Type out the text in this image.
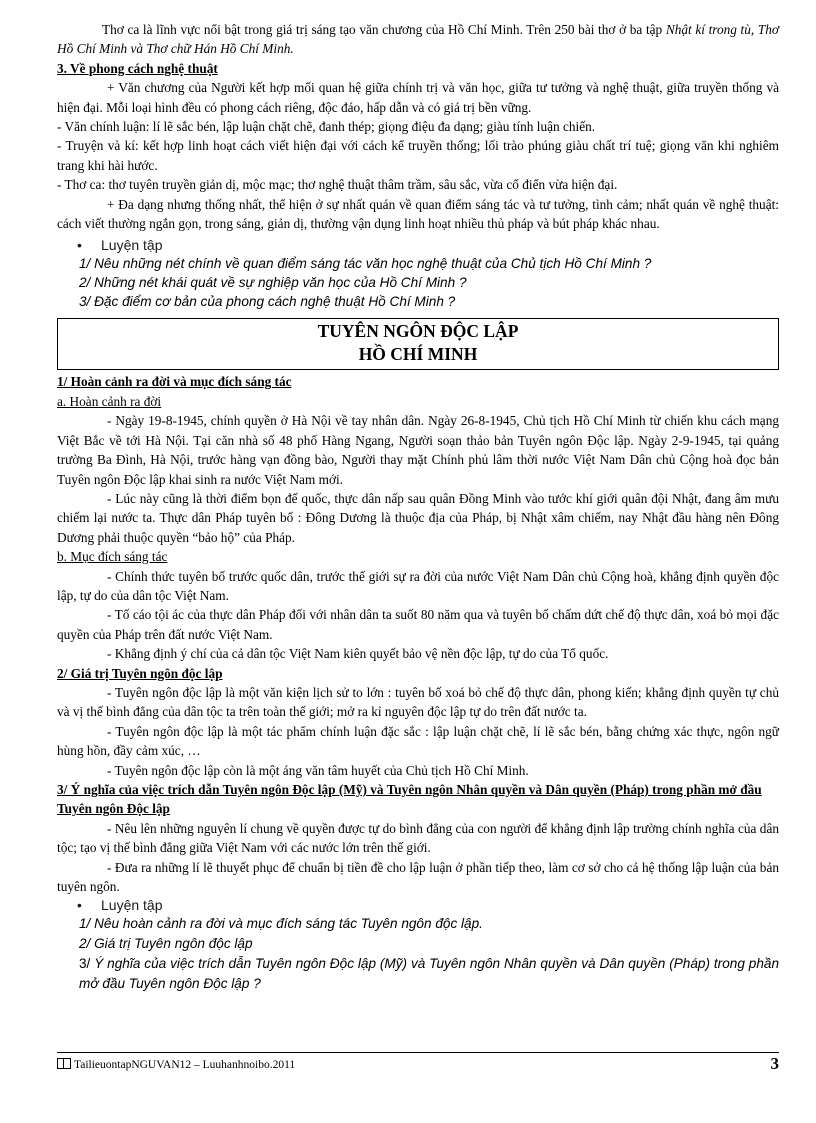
Thơ ca là lĩnh vực nổi bật trong giá trị sáng tạo văn chương của Hồ Chí Minh. Trên 250 bài thơ ở ba tập Nhật kí trong tù, Thơ Hồ Chí Minh và Thơ chữ Hán Hồ Chí Minh.

3. Về phong cách nghệ thuật

+ Văn chương của Người kết hợp mối quan hệ giữa chính trị và văn học, giữa tư tưởng và nghệ thuật, giữa truyền thống và hiện đại. Mỗi loại hình đều có phong cách riêng, độc đáo, hấp dẫn và có giá trị bền vững.

- Văn chính luận: lí lẽ sắc bén, lập luận chặt chẽ, đanh thép; giọng điệu đa dạng; giàu tính luận chiến.

- Truyện và kí: kết hợp linh hoạt cách viết hiện đại với cách kể truyền thống; lối trào phúng giàu chất trí tuệ; giọng văn khi nghiêm trang khi hài hước.

- Thơ ca: thơ tuyên truyền giản dị, mộc mạc; thơ nghệ thuật thâm trầm, sâu sắc, vừa cổ điển vừa hiện đại.

+ Đa dạng nhưng thống nhất, thể hiện ở sự nhất quán về quan điểm sáng tác và tư tưởng, tình cảm; nhất quán về nghệ thuật: cách viết thường ngắn gọn, trong sáng, giản dị, thường vận dụng linh hoạt nhiều thủ pháp và bút pháp khác nhau.

• Luyện tập

1/ Nêu những nét chính về quan điểm sáng tác văn học nghệ thuật của Chủ tịch Hồ Chí Minh ?

2/ Những nét khái quát về sự nghiệp văn học của Hồ Chí Minh ?

3/ Đặc điểm cơ bản của phong cách nghệ thuật Hồ Chí Minh ?

TUYÊN NGÔN ĐỘC LẬP
HỒ CHÍ MINH

1/ Hoàn cảnh ra đời và mục đích sáng tác

a. Hoàn cảnh ra đời

- Ngày 19-8-1945, chính quyền ở Hà Nội về tay nhân dân. Ngày 26-8-1945, Chủ tịch Hồ Chí Minh từ chiến khu cách mạng Việt Bắc về tới Hà Nội. Tại căn nhà số 48 phố Hàng Ngang, Người soạn thảo bản Tuyên ngôn Độc lập. Ngày 2-9-1945, tại quảng trường Ba Đình, Hà Nội, trước hàng vạn đồng bào, Người thay mặt Chính phủ lâm thời nước Việt Nam Dân chủ Cộng hoà đọc bản Tuyên ngôn Độc lập khai sinh ra nước Việt Nam mới.

- Lúc này cũng là thời điểm bọn đế quốc, thực dân nấp sau quân Đồng Minh vào tước khí giới quân đội Nhật, đang âm mưu chiếm lại nước ta. Thực dân Pháp tuyên bố : Đông Dương là thuộc địa của Pháp, bị Nhật xâm chiếm, nay Nhật đầu hàng nên Đông Dương phải thuộc quyền “bảo hộ” của Pháp.

b. Mục đích sáng tác

- Chính thức tuyên bố trước quốc dân, trước thế giới sự ra đời của nước Việt Nam Dân chủ Cộng hoà, khẳng định quyền độc lập, tự do của dân tộc Việt Nam.

- Tố cáo tội ác của thực dân Pháp đối với nhân dân ta suốt 80 năm qua và tuyên bố chấm dứt chế độ thực dân, xoá bỏ mọi đặc quyền của Pháp trên đất nước Việt Nam.

- Khẳng định ý chí của cả dân tộc Việt Nam kiên quyết bảo vệ nền độc lập, tự do của Tổ quốc.

2/ Giá trị Tuyên ngôn độc lập

- Tuyên ngôn độc lập là một văn kiện lịch sử to lớn : tuyên bố xoá bỏ chế độ thực dân, phong kiến; khẳng định quyền tự chủ và vị thế bình đẳng của dân tộc ta trên toàn thế giới; mở ra kỉ nguyên độc lập tự do trên đất nước ta.

- Tuyên ngôn độc lập là một tác phẩm chính luận đặc sắc : lập luận chặt chẽ, lí lẽ sắc bén, bằng chứng xác thực, ngôn ngữ hùng hồn, đầy cảm xúc, …

- Tuyên ngôn độc lập còn là một áng văn tâm huyết của Chủ tịch Hồ Chí Minh.

3/ Ý nghĩa của việc trích dẫn Tuyên ngôn Độc lập (Mỹ) và Tuyên ngôn Nhân quyền và Dân quyền (Pháp) trong phần mở đầu Tuyên ngôn Độc lập

- Nêu lên những nguyên lí chung về quyền được tự do bình đẳng của con người để khẳng định lập trường chính nghĩa của dân tộc; tạo vị thế bình đẳng giữa Việt Nam với các nước lớn trên thế giới.

- Đưa ra những lí lẽ thuyết phục để chuẩn bị tiền đề cho lập luận ở phần tiếp theo, làm cơ sở cho cả hệ thống lập luận của bản tuyên ngôn.

• Luyện tập

1/ Nêu hoàn cảnh ra đời và mục đích sáng tác Tuyên ngôn độc lập.

2/ Giá trị Tuyên ngôn độc lập

3/ Ý nghĩa của việc trích dẫn Tuyên ngôn Độc lập (Mỹ) và Tuyên ngôn Nhân quyền và Dân quyền (Pháp) trong phần mở đầu Tuyên ngôn Độc lập ?

TailieuontapNGUVAN12 – Luuhanhnoibo.2011	3
